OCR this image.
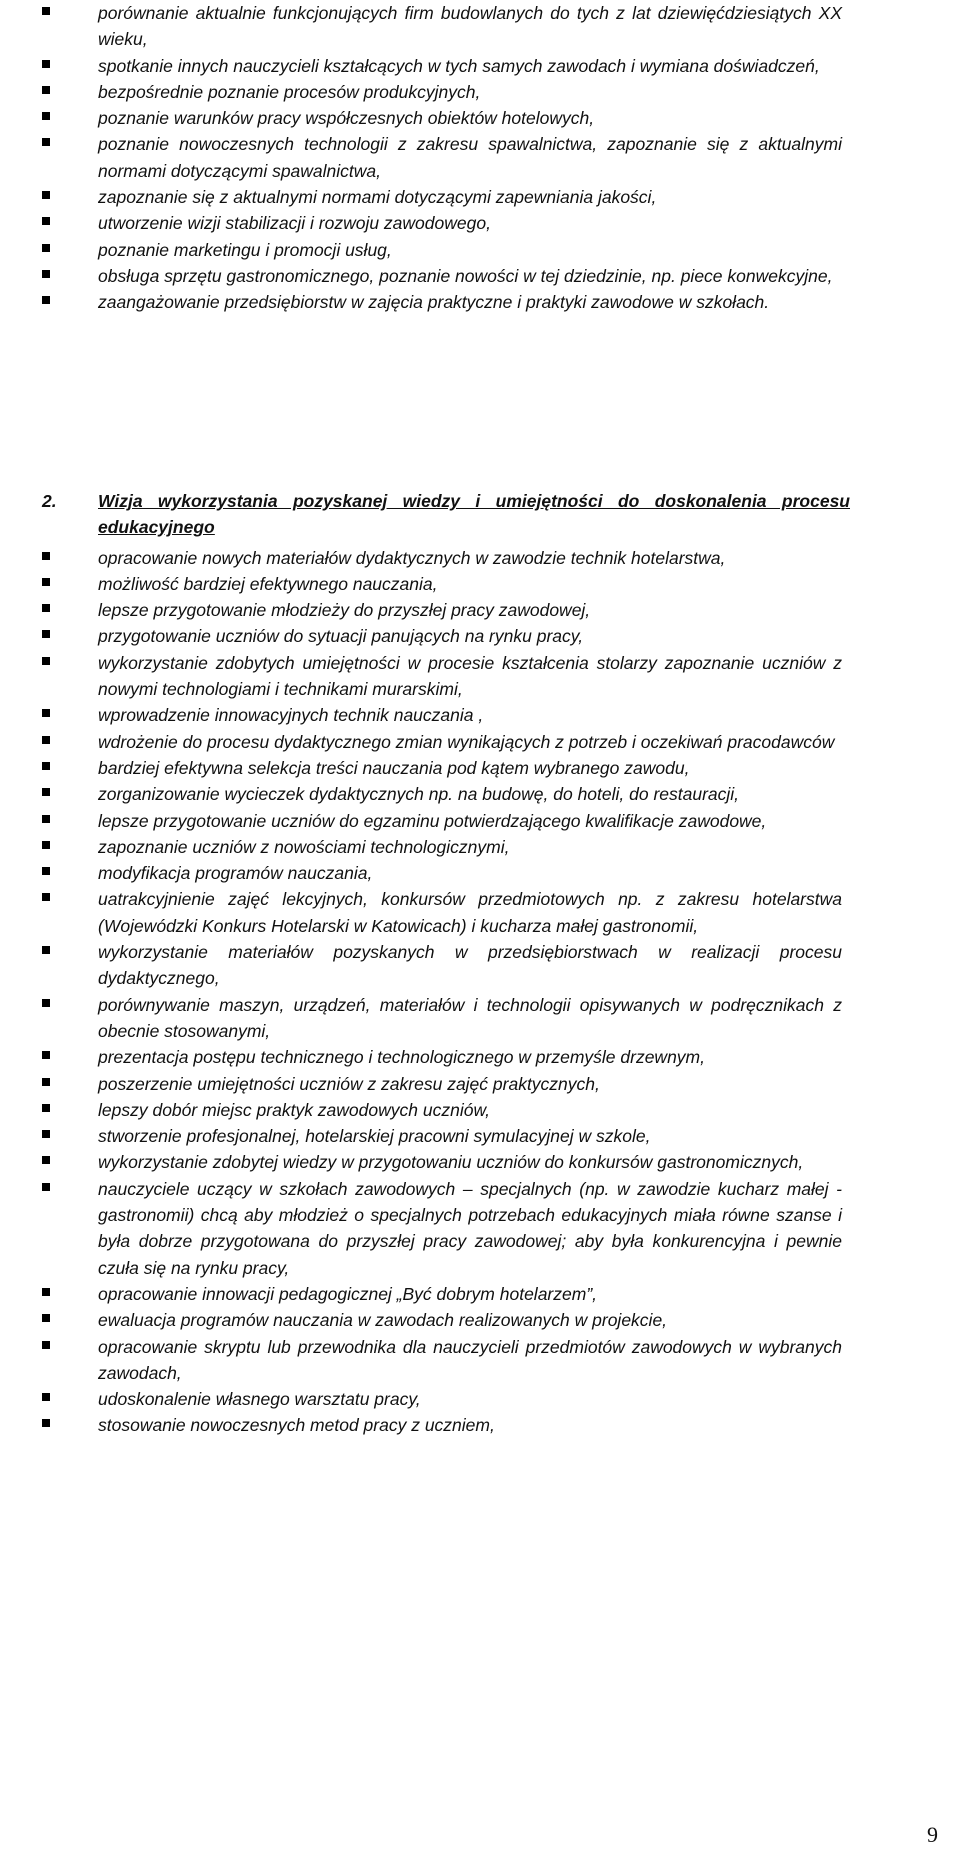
porównanie aktualnie funkcjonujących firm budowlanych do tych z lat dziewięćdziesiątych XX wieku,
spotkanie innych nauczycieli kształcących w tych samych zawodach i wymiana doświadczeń,
bezpośrednie poznanie procesów produkcyjnych,
poznanie warunków pracy współczesnych obiektów hotelowych,
poznanie nowoczesnych technologii z zakresu spawalnictwa, zapoznanie się z aktualnymi normami dotyczącymi spawalnictwa,
zapoznanie się z aktualnymi normami dotyczącymi zapewniania jakości,
utworzenie wizji stabilizacji i rozwoju zawodowego,
poznanie marketingu i promocji usług,
obsługa sprzętu gastronomicznego, poznanie nowości w tej dziedzinie, np. piece konwekcyjne,
zaangażowanie przedsiębiorstw w zajęcia praktyczne i praktyki zawodowe w szkołach.
2. Wizja wykorzystania pozyskanej wiedzy i umiejętności do doskonalenia procesu edukacyjnego
opracowanie nowych materiałów dydaktycznych w zawodzie technik hotelarstwa,
możliwość bardziej efektywnego nauczania,
lepsze przygotowanie młodzieży do przyszłej pracy zawodowej,
przygotowanie uczniów do sytuacji panujących na rynku pracy,
wykorzystanie zdobytych umiejętności w procesie kształcenia stolarzy zapoznanie uczniów z nowymi technologiami i technikami murarskimi,
wprowadzenie innowacyjnych technik nauczania ,
wdrożenie do procesu dydaktycznego zmian wynikających z potrzeb i oczekiwań pracodawców
bardziej efektywna selekcja treści nauczania pod kątem wybranego zawodu,
zorganizowanie wycieczek dydaktycznych np. na budowę, do hoteli, do restauracji,
lepsze przygotowanie uczniów do egzaminu potwierdzającego kwalifikacje zawodowe,
zapoznanie uczniów z nowościami technologicznymi,
modyfikacja programów nauczania,
uatrakcyjnienie zajęć lekcyjnych, konkursów przedmiotowych np. z zakresu hotelarstwa (Wojewódzki Konkurs Hotelarski w Katowicach) i kucharza małej gastronomii,
wykorzystanie materiałów pozyskanych w przedsiębiorstwach w realizacji procesu dydaktycznego,
porównywanie maszyn, urządzeń, materiałów i technologii opisywanych w podręcznikach z obecnie stosowanymi,
prezentacja postępu technicznego i technologicznego w przemyśle drzewnym,
poszerzenie umiejętności uczniów z zakresu zajęć praktycznych,
lepszy dobór miejsc praktyk zawodowych uczniów,
stworzenie profesjonalnej, hotelarskiej pracowni symulacyjnej w szkole,
wykorzystanie zdobytej wiedzy w przygotowaniu uczniów do konkursów gastronomicznych,
nauczyciele uczący w szkołach zawodowych – specjalnych (np. w zawodzie kucharz małej -gastronomii) chcą aby młodzież o specjalnych potrzebach edukacyjnych miała równe szanse i była dobrze przygotowana do przyszłej pracy zawodowej; aby była konkurencyjna i pewnie czuła się na rynku pracy,
opracowanie innowacji pedagogicznej „Być dobrym hotelarzem”,
ewaluacja programów nauczania w zawodach realizowanych w projekcie,
opracowanie skryptu lub przewodnika dla nauczycieli przedmiotów zawodowych w wybranych zawodach,
udoskonalenie własnego warsztatu pracy,
stosowanie nowoczesnych metod pracy z uczniem,
9
